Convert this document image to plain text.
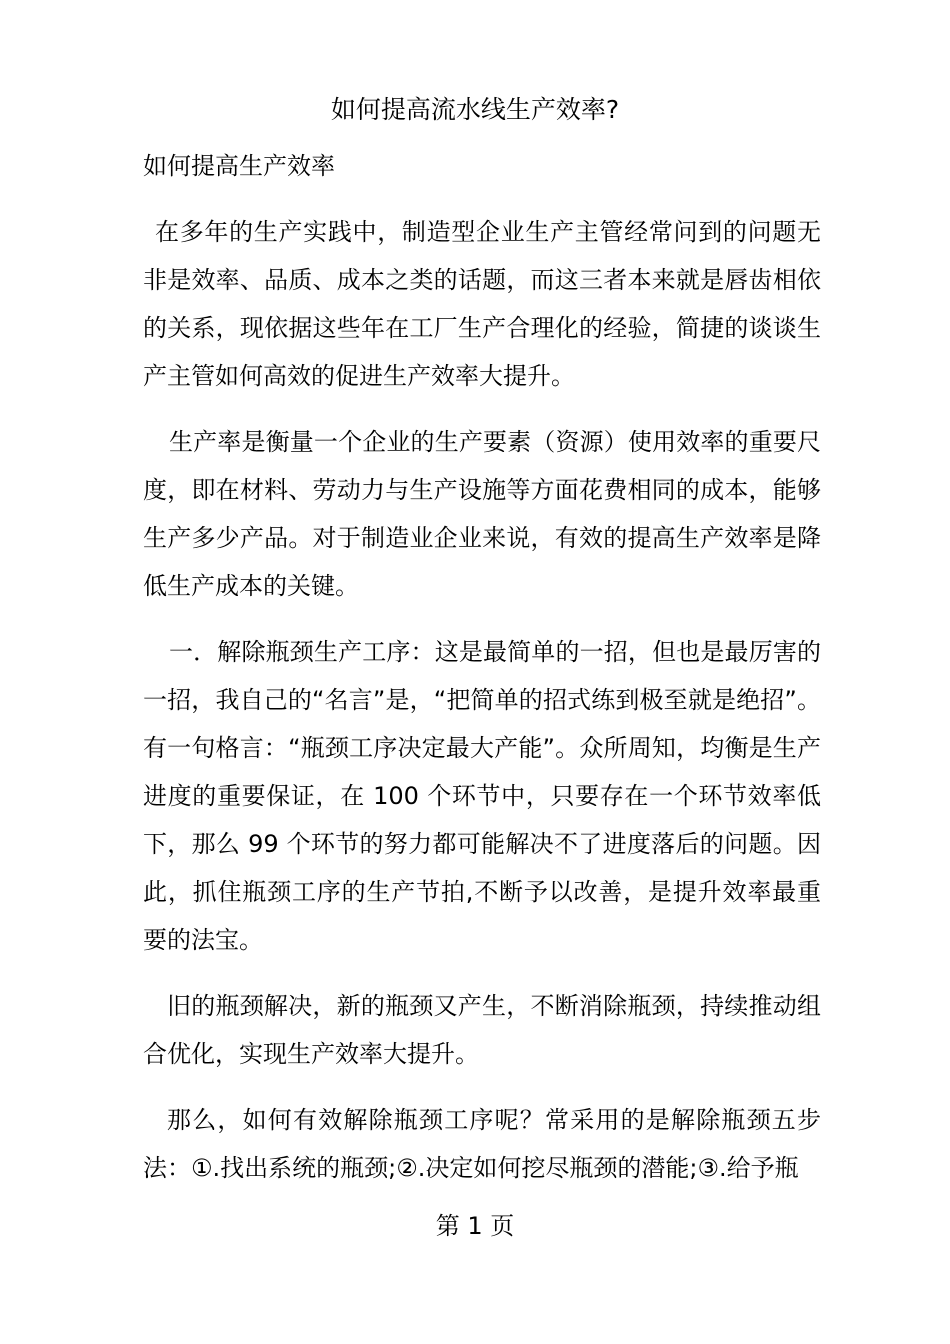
如何提高流水线生产效率?
如何提高生产效率

在多年的生产实践中，制造型企业生产主管经常问到的问题无非是效率、品质、成本之类的话题，而这三者本来就是唇齿相依的关系，现依据这些年在工厂生产合理化的经验，简捷的谈谈生产主管如何高效的促进生产效率大提升。

生产率是衡量一个企业的生产要素（资源）使用效率的重要尺度，即在材料、劳动力与生产设施等方面花费相同的成本，能够生产多少产品。对于制造业企业来说，有效的提高生产效率是降低生产成本的关键。

一．解除瓶颈生产工序：这是最简单的一招，但也是最厉害的一招，我自己的“名言”是，“把简单的招式练到极至就是绝招”。有一句格言：“瓶颈工序决定最大产能”。众所周知，均衡是生产进度的重要保证，在 100 个环节中，只要存在一个环节效率低下，那么 99 个环节的努力都可能解决不了进度落后的问题。因此，抓住瓶颈工序的生产节拍,不断予以改善，是提升效率最重要的法宝。

旧的瓶颈解决，新的瓶颈又产生，不断消除瓶颈，持续推动组合优化，实现生产效率大提升。

那么，如何有效解除瓶颈工序呢？常采用的是解除瓶颈五步法：①.找出系统的瓶颈;②.决定如何挖尽瓶颈的潜能;③.给予瓶

第 1 页
